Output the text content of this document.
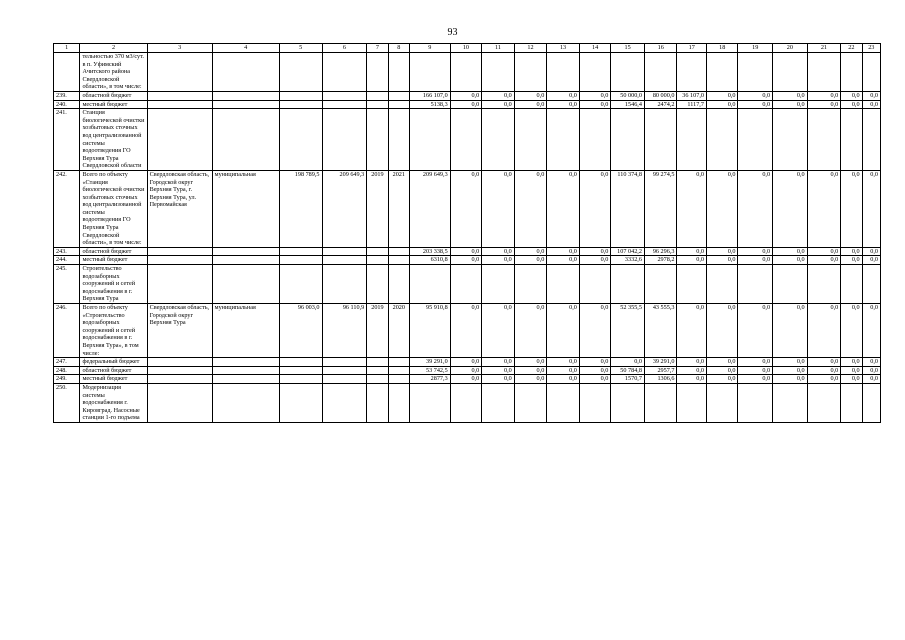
93
1	2	3	4	5	6	7	8	9	10	11	12	13	14	15	16	17	18	19	20	21	22	23
	тельностью 370 м3/сут. в п. Уфимский Ачитского района Свердловской области», в том числе:																					
239.	областной бюджет							166 107,0	0,0	0,0	0,0	0,0	0,0	50 000,0	80 000,0	36 107,0	0,0	0,0	0,0	0,0	0,0	0,0
240.	местный бюджет							5138,3	0,0	0,0	0,0	0,0	0,0	1546,4	2474,2	1117,7	0,0	0,0	0,0	0,0	0,0	0,0
241.	Станция биологической очистки хозбытовых сточных вод централизованной системы водоотведения ГО Верхняя Тура Свердловской области																					
242.	Всего по объекту «Станция биологической очистки хозбытовых сточных вод централизованной системы водоотведения ГО Верхняя Тура Свердловской области», в том числе:	Свердловская область, Городской округ Верхняя Тура, г. Верхняя Тура, ул. Первомайская	муниципальная	198 789,5	209 649,3	2019	2021	209 649,3	0,0	0,0	0,0	0,0	0,0	110 374,8	99 274,5	0,0	0,0	0,0	0,0	0,0	0,0	0,0
243.	областной бюджет							203 338,5	0,0	0,0	0,0	0,0	0,0	107 042,2	96 296,3	0,0	0,0	0,0	0,0	0,0	0,0	0,0
244.	местный бюджет							6310,8	0,0	0,0	0,0	0,0	0,0	3332,6	2978,2	0,0	0,0	0,0	0,0	0,0	0,0	0,0
245.	Строительство водозаборных сооружений и сетей водоснабжения в г. Верхняя Тура																					
246.	Всего по объекту «Строительство водозаборных сооружений и сетей водоснабжения в г. Верхняя Тура», в том числе:	Свердловская область, Городской округ Верхняя Тура	муниципальная	96 003,0	96 110,9	2019	2020	95 910,8	0,0	0,0	0,0	0,0	0,0	52 355,5	43 555,3	0,0	0,0	0,0	0,0	0,0	0,0	0,0
247.	федеральный бюджет							39 291,0	0,0	0,0	0,0	0,0	0,0	0,0	39 291,0	0,0	0,0	0,0	0,0	0,0	0,0	0,0
248.	областной бюджет							53 742,5	0,0	0,0	0,0	0,0	0,0	50 784,8	2957,7	0,0	0,0	0,0	0,0	0,0	0,0	0,0
249.	местный бюджет							2877,3	0,0	0,0	0,0	0,0	0,0	1570,7	1306,6	0,0	0,0	0,0	0,0	0,0	0,0	0,0
250.	Модернизация системы водоснабжения г. Кировград. Насосные станции 1-го подъема																					
